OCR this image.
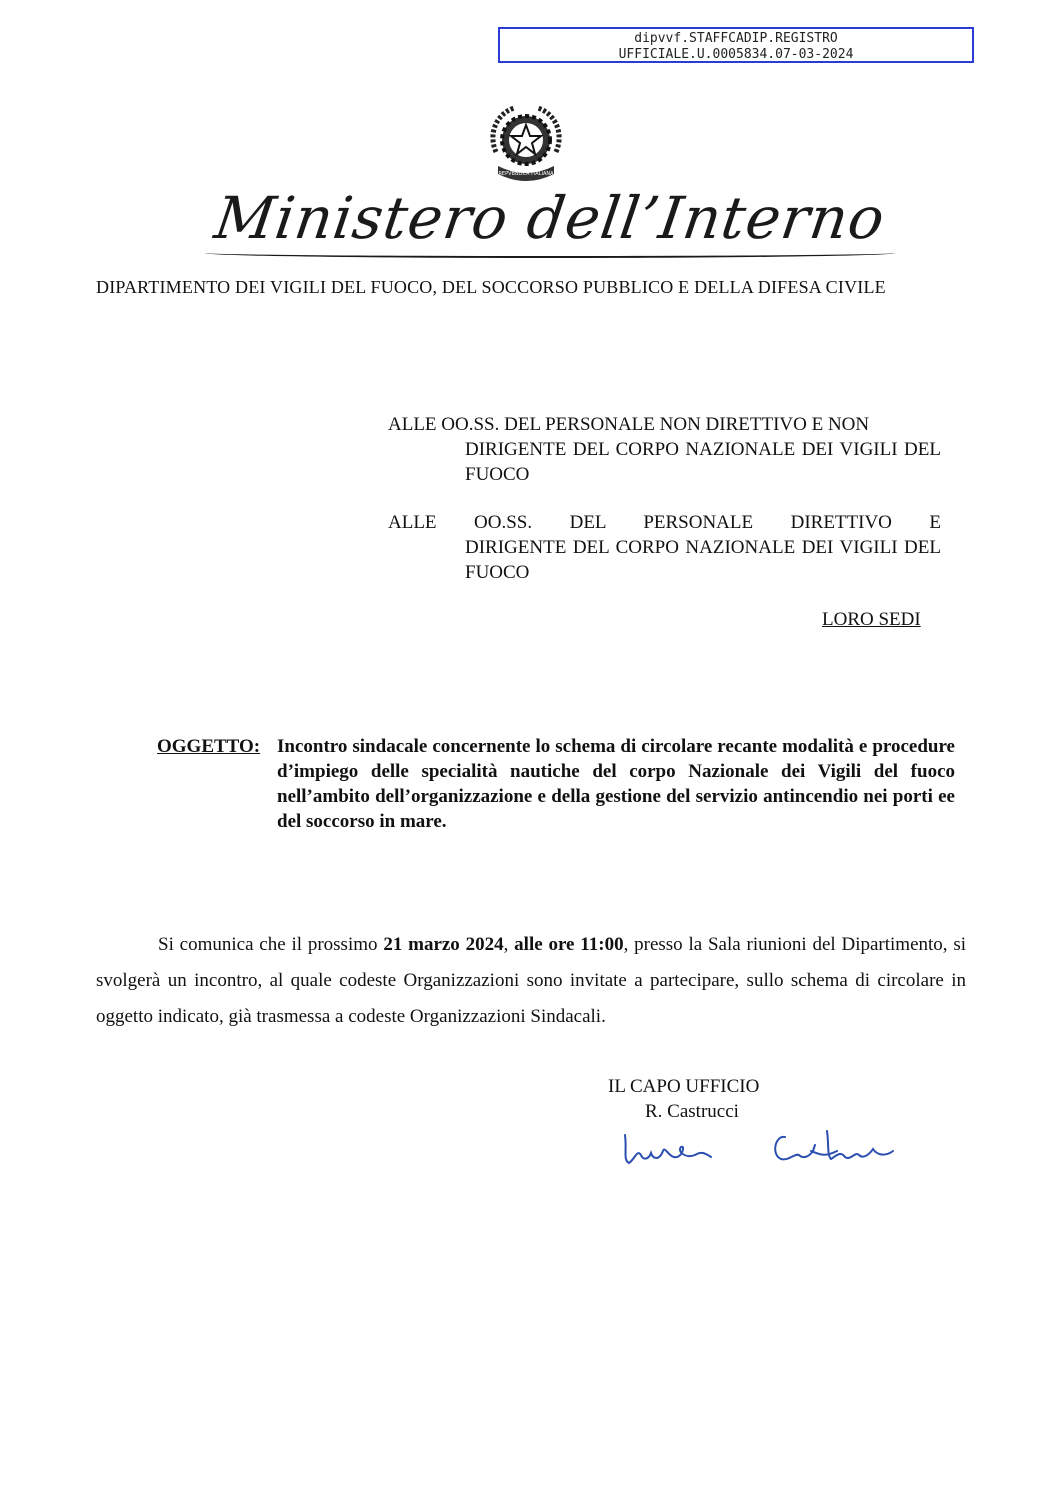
dipvvf.STAFFCADIP.REGISTRO
UFFICIALE.U.0005834.07-03-2024
REPVBBLICA ITALIANA
Ministero dell’Interno
DIPARTIMENTO DEI VIGILI DEL FUOCO, DEL SOCCORSO PUBBLICO E DELLA DIFESA CIVILE
ALLE OO.SS. DEL PERSONALE NON DIRETTIVO E NON
DIRIGENTE DEL CORPO NAZIONALE DEI VIGILI DEL FUOCO
ALLE OO.SS. DEL PERSONALE DIRETTIVO E
DIRIGENTE DEL CORPO NAZIONALE DEI VIGILI DEL FUOCO
LORO SEDI
OGGETTO: Incontro sindacale concernente lo schema di circolare recante modalità e procedure d’impiego delle specialità nautiche del corpo Nazionale dei Vigili del fuoco nell’ambito dell’organizzazione e della gestione del servizio antincendio nei porti ee del soccorso in mare.
Si comunica che il prossimo 21 marzo 2024, alle ore 11:00, presso la Sala riunioni del Dipartimento, si svolgerà un incontro, al quale codeste Organizzazioni sono invitate a partecipare, sullo schema di circolare in oggetto indicato, già trasmessa a codeste Organizzazioni Sindacali.
IL CAPO UFFICIO
R. Castrucci
